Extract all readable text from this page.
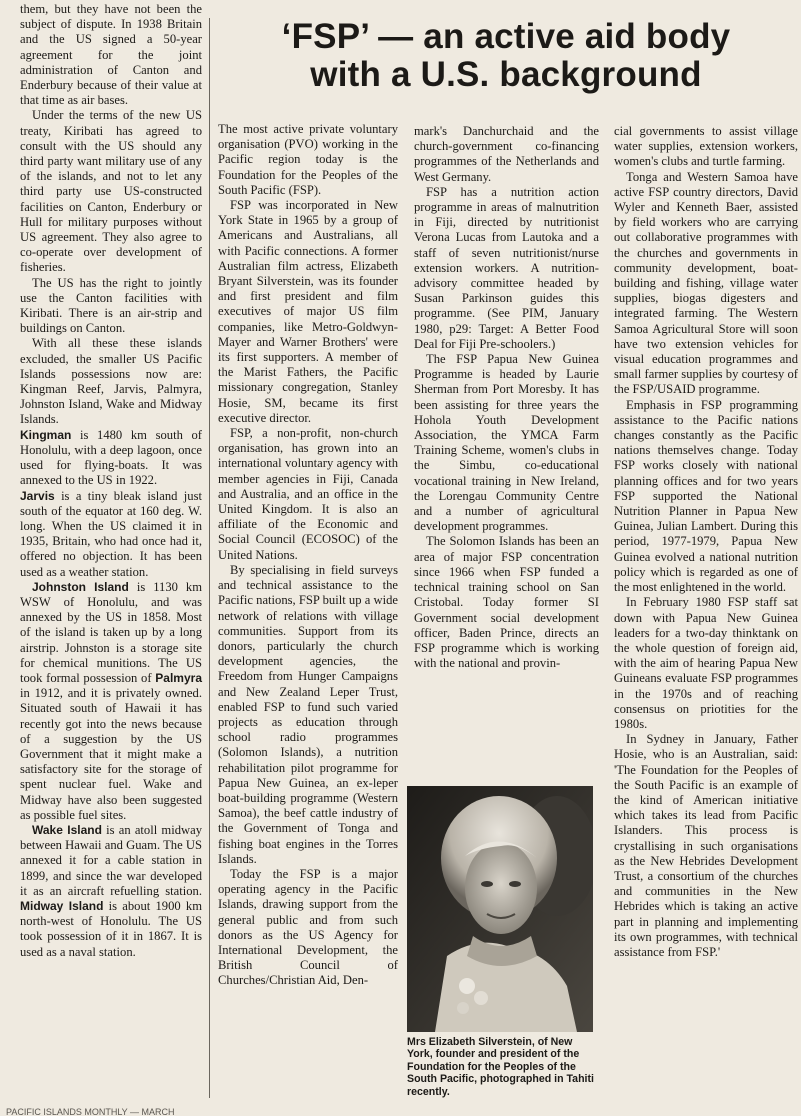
them, but they have not been the subject of dispute. In 1938 Britain and the US signed a 50-year agreement for the joint administration of Canton and Enderbury because of their value at that time as air bases.

Under the terms of the new US treaty, Kiribati has agreed to consult with the US should any third party want military use of any of the islands, and not to let any third party use US-constructed facilities on Canton, Enderbury or Hull for military purposes without US agreement. They also agree to co-operate over development of fisheries.

The US has the right to jointly use the Canton facilities with Kiribati. There is an air-strip and buildings on Canton.

With all these these islands excluded, the smaller US Pacific Islands possessions now are: Kingman Reef, Jarvis, Palmyra, Johnston Island, Wake and Midway Islands.

Kingman is 1480 km south of Honolulu, with a deep lagoon, once used for flying-boats. It was annexed to the US in 1922.

Jarvis is a tiny bleak island just south of the equator at 160 deg. W. long. When the US claimed it in 1935, Britain, who had once had it, offered no objection. It has been used as a weather station.

Johnston Island is 1130 km WSW of Honolulu, and was annexed by the US in 1858. Most of the island is taken up by a long airstrip. Johnston is a storage site for chemical munitions. The US took formal possession of Palmyra in 1912, and it is privately owned. Situated south of Hawaii it has recently got into the news because of a suggestion by the US Government that it might make a satisfactory site for the storage of spent nuclear fuel. Wake and Midway have also been suggested as possible fuel sites.

Wake Island is an atoll midway between Hawaii and Guam. The US annexed it for a cable station in 1899, and since the war developed it as an aircraft refuelling station. Midway Island is about 1900 km north-west of Honolulu. The US took possession of it in 1867. It is used as a naval station.

‘FSP’ — an active aid body
with a U.S. background

The most active private voluntary organisation (PVO) working in the Pacific region today is the Foundation for the Peoples of the South Pacific (FSP).

FSP was incorporated in New York State in 1965 by a group of Americans and Australians, all with Pacific connections. A former Australian film actress, Elizabeth Bryant Silverstein, was its founder and first president and film executives of major US film companies, like Metro-Goldwyn-Mayer and Warner Brothers' were its first supporters. A member of the Marist Fathers, the Pacific missionary congregation, Stanley Hosie, SM, became its first executive director.

FSP, a non-profit, non-church organisation, has grown into an international voluntary agency with member agencies in Fiji, Canada and Australia, and an office in the United Kingdom. It is also an affiliate of the Economic and Social Council (ECOSOC) of the United Nations.

By specialising in field surveys and technical assistance to the Pacific nations, FSP built up a wide network of relations with village communities. Support from its donors, particularly the church development agencies, the Freedom from Hunger Campaigns and New Zealand Leper Trust, enabled FSP to fund such varied projects as education through school radio programmes (Solomon Islands), a nutrition rehabilitation pilot programme for Papua New Guinea, an ex-leper boat-building programme (Western Samoa), the beef cattle industry of the Government of Tonga and fishing boat engines in the Torres Islands.

Today the FSP is a major operating agency in the Pacific Islands, drawing support from the general public and from such donors as the US Agency for International Development, the British Council of Churches/Christian Aid, Den-

mark's Danchurchaid and the church-government co-financing programmes of the Netherlands and West Germany.

FSP has a nutrition action programme in areas of malnutrition in Fiji, directed by nutritionist Verona Lucas from Lautoka and a staff of seven nutritionist/nurse extension workers. A nutrition-advisory committee headed by Susan Parkinson guides this programme. (See PIM, January 1980, p29: Target: A Better Food Deal for Fiji Pre-schoolers.)

The FSP Papua New Guinea Programme is headed by Laurie Sherman from Port Moresby. It has been assisting for three years the Hohola Youth Development Association, the YMCA Farm Training Scheme, women's clubs in the Simbu, co-educational vocational training in New Ireland, the Lorengau Community Centre and a number of agricultural development programmes.

The Solomon Islands has been an area of major FSP concentration since 1966 when FSP funded a technical training school on San Cristobal. Today former SI Government social development officer, Baden Prince, directs an FSP programme which is working with the national and provin-

Mrs Elizabeth Silverstein, of New York, founder and president of the Foundation for the Peoples of the South Pacific, photographed in Tahiti recently.

cial governments to assist village water supplies, extension workers, women's clubs and turtle farming.

Tonga and Western Samoa have active FSP country directors, David Wyler and Kenneth Baer, assisted by field workers who are carrying out collaborative programmes with the churches and governments in community development, boat-building and fishing, village water supplies, biogas digesters and integrated farming. The Western Samoa Agricultural Store will soon have two extension vehicles for visual education programmes and small farmer supplies by courtesy of the FSP/USAID programme.

Emphasis in FSP programming assistance to the Pacific nations changes constantly as the Pacific nations themselves change. Today FSP works closely with national planning offices and for two years FSP supported the National Nutrition Planner in Papua New Guinea, Julian Lambert. During this period, 1977-1979, Papua New Guinea evolved a national nutrition policy which is regarded as one of the most enlightened in the world.

In February 1980 FSP staff sat down with Papua New Guinea leaders for a two-day thinktank on the whole question of foreign aid, with the aim of hearing Papua New Guineans evaluate FSP programmes in the 1970s and of reaching consensus on priotities for the 1980s.

In Sydney in January, Father Hosie, who is an Australian, said: 'The Foundation for the Peoples of the South Pacific is an example of the kind of American initiative which takes its lead from Pacific Islanders. This process is crystallising in such organisations as the New Hebrides Development Trust, a consortium of the churches and communities in the New Hebrides which is taking an active part in planning and implementing its own programmes, with technical assistance from FSP.'

PACIFIC ISLANDS MONTHLY — MARCH
